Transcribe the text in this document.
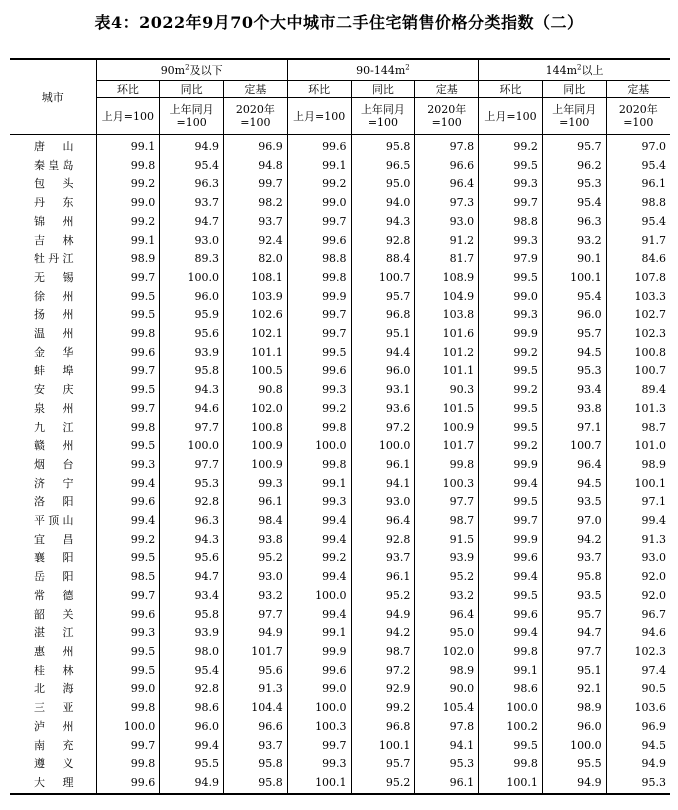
表4：2022年9月70个大中城市二手住宅销售价格分类指数（二）
城市	$90m^2$及以下			$90-144m^2$			$144m^2$以上		
	环比	同比	定基	环比	同比	定基	环比	同比	定基
	上月=100	上年同月=100	2020年=100	上月=100	上年同月=100	2020年=100	上月=100	上年同月=100	2020年=100
唐山	99.1	94.9	96.9	99.6	95.8	97.8	99.2	95.7	97.0
秦皇岛	99.8	95.4	94.8	99.1	96.5	96.6	99.5	96.2	95.4
包头	99.2	96.3	99.7	99.2	95.0	96.4	99.3	95.3	96.1
丹东	99.0	93.7	98.2	99.0	94.0	97.3	99.7	95.4	98.8
锦州	99.2	94.7	93.7	99.7	94.3	93.0	98.8	96.3	95.4
吉林	99.1	93.0	92.4	99.6	92.8	91.2	99.3	93.2	91.7
牡丹江	98.9	89.3	82.0	98.8	88.4	81.7	97.9	90.1	84.6
无锡	99.7	100.0	108.1	99.8	100.7	108.9	99.5	100.1	107.8
徐州	99.5	96.0	103.9	99.9	95.7	104.9	99.0	95.4	103.3
扬州	99.5	95.9	102.6	99.7	96.8	103.8	99.3	96.0	102.7
温州	99.8	95.6	102.1	99.7	95.1	101.6	99.9	95.7	102.3
金华	99.6	93.9	101.1	99.5	94.4	101.2	99.2	94.5	100.8
蚌埠	99.7	95.8	100.5	99.6	96.0	101.1	99.5	95.3	100.7
安庆	99.5	94.3	90.8	99.3	93.1	90.3	99.2	93.4	89.4
泉州	99.7	94.6	102.0	99.2	93.6	101.5	99.5	93.8	101.3
九江	99.8	97.7	100.8	99.8	97.2	100.9	99.5	97.1	98.7
赣州	99.5	100.0	100.9	100.0	100.0	101.7	99.2	100.7	101.0
烟台	99.3	97.7	100.9	99.8	96.1	99.8	99.9	96.4	98.9
济宁	99.4	95.3	99.3	99.1	94.1	100.3	99.4	94.5	100.1
洛阳	99.6	92.8	96.1	99.3	93.0	97.7	99.5	93.5	97.1
平顶山	99.4	96.3	98.4	99.4	96.4	98.7	99.7	97.0	99.4
宜昌	99.2	94.3	93.8	99.4	92.8	91.5	99.9	94.2	91.3
襄阳	99.5	95.6	95.2	99.2	93.7	93.9	99.6	93.7	93.0
岳阳	98.5	94.7	93.0	99.4	96.1	95.2	99.4	95.8	92.0
常德	99.7	93.4	93.2	100.0	95.2	93.2	99.5	93.5	92.0
韶关	99.6	95.8	97.7	99.4	94.9	96.4	99.6	95.7	96.7
湛江	99.3	93.9	94.9	99.1	94.2	95.0	99.4	94.7	94.6
惠州	99.5	98.0	101.7	99.9	98.7	102.0	99.8	97.7	102.3
桂林	99.5	95.4	95.6	99.6	97.2	98.9	99.1	95.1	97.4
北海	99.0	92.8	91.3	99.0	92.9	90.0	98.6	92.1	90.5
三亚	99.8	98.6	104.4	100.0	99.2	105.4	100.0	98.9	103.6
泸州	100.0	96.0	96.6	100.3	96.8	97.8	100.2	96.0	96.9
南充	99.7	99.4	93.7	99.7	100.1	94.1	99.5	100.0	94.5
遵义	99.8	95.5	95.8	99.3	95.7	95.3	99.8	95.5	94.9
大理	99.6	94.9	95.8	100.1	95.2	96.1	100.1	94.9	95.3
